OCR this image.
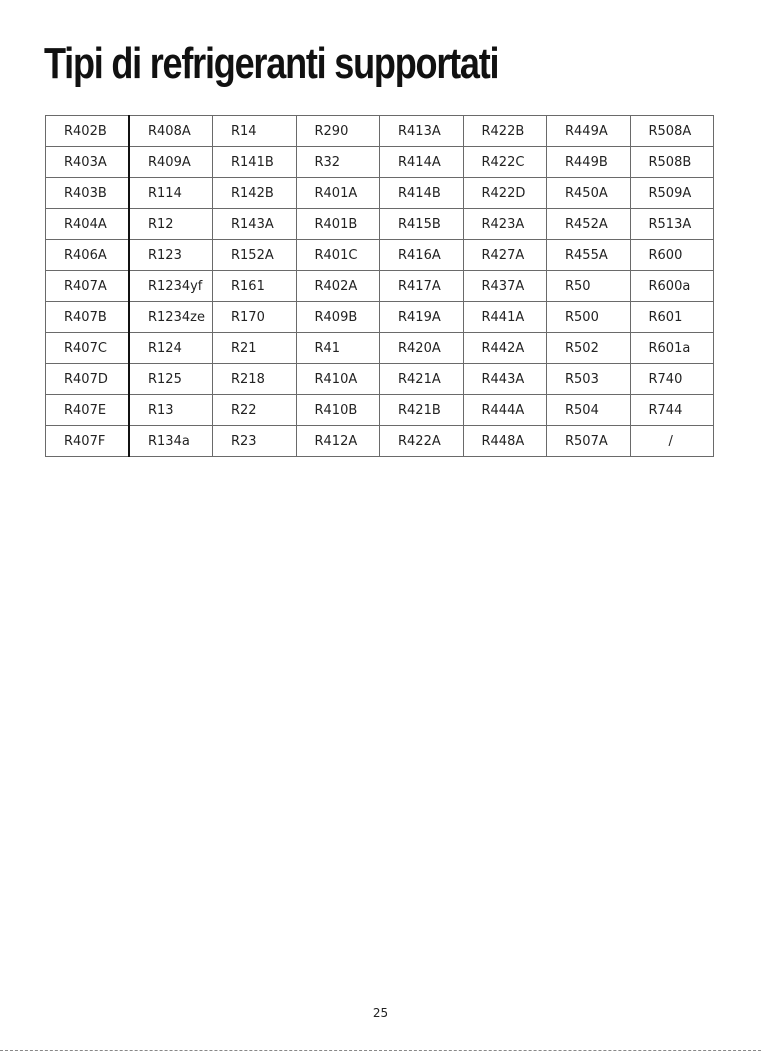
Tipi di refrigeranti supportati
R402B	R408A	R14	R290	R413A	R422B	R449A	R508A
R403A	R409A	R141B	R32	R414A	R422C	R449B	R508B
R403B	R114	R142B	R401A	R414B	R422D	R450A	R509A
R404A	R12	R143A	R401B	R415B	R423A	R452A	R513A
R406A	R123	R152A	R401C	R416A	R427A	R455A	R600
R407A	R1234yf	R161	R402A	R417A	R437A	R50	R600a
R407B	R1234ze	R170	R409B	R419A	R441A	R500	R601
R407C	R124	R21	R41	R420A	R442A	R502	R601a
R407D	R125	R218	R410A	R421A	R443A	R503	R740
R407E	R13	R22	R410B	R421B	R444A	R504	R744
R407F	R134a	R23	R412A	R422A	R448A	R507A	/
25
